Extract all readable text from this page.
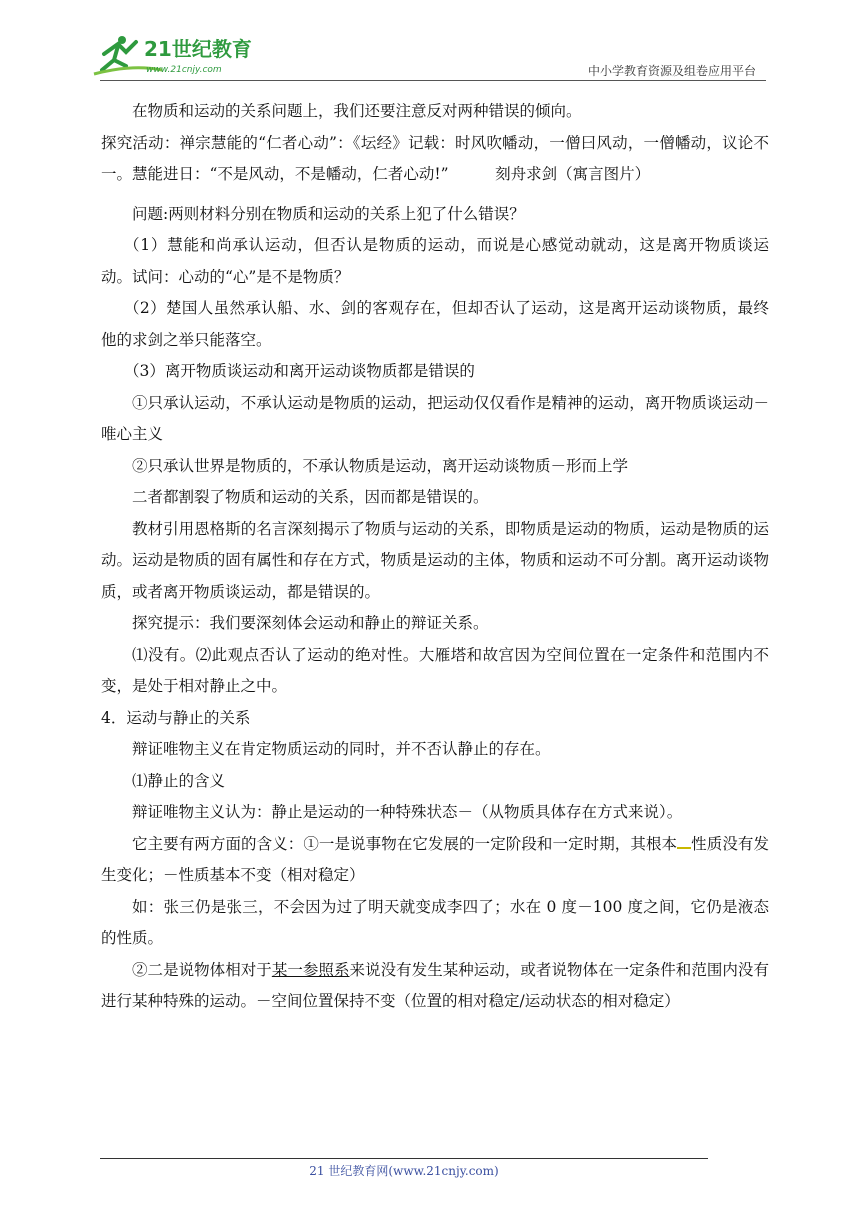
21世纪教育
www.21cnjy.com	中小学教育资源及组卷应用平台

在物质和运动的关系问题上，我们还要注意反对两种错误的倾向。

探究活动：禅宗慧能的“仁者心动”：《坛经》记载：时风吹幡动，一僧曰风动，一僧幡动，议论不一。慧能进日：“不是风动，不是幡动，仁者心动!”　　　刻舟求剑（寓言图片）

问题:两则材料分别在物质和运动的关系上犯了什么错误？

（1）慧能和尚承认运动，但否认是物质的运动，而说是心感觉动就动，这是离开物质谈运动。试问：心动的“心”是不是物质？

（2）楚国人虽然承认船、水、剑的客观存在，但却否认了运动，这是离开运动谈物质，最终他的求剑之举只能落空。

（3）离开物质谈运动和离开运动谈物质都是错误的

①只承认运动，不承认运动是物质的运动，把运动仅仅看作是精神的运动，离开物质谈运动－唯心主义

②只承认世界是物质的，不承认物质是运动，离开运动谈物质－形而上学

二者都割裂了物质和运动的关系，因而都是错误的。

教材引用恩格斯的名言深刻揭示了物质与运动的关系，即物质是运动的物质，运动是物质的运动。运动是物质的固有属性和存在方式，物质是运动的主体，物质和运动不可分割。离开运动谈物质，或者离开物质谈运动，都是错误的。

探究提示：我们要深刻体会运动和静止的辩证关系。

⑴没有。⑵此观点否认了运动的绝对性。大雁塔和故宫因为空间位置在一定条件和范围内不变，是处于相对静止之中。

4．运动与静止的关系

辩证唯物主义在肯定物质运动的同时，并不否认静止的存在。

⑴静止的含义

辩证唯物主义认为：静止是运动的一种特殊状态－（从物质具体存在方式来说）。

它主要有两方面的含义：①一是说事物在它发展的一定阶段和一定时期，其根本 性质没有发生变化；－性质基本不变（相对稳定）

如：张三仍是张三，不会因为过了明天就变成李四了；水在 0 度－100 度之间，它仍是液态的性质。

②二是说物体相对于某一参照系来说没有发生某种运动，或者说物体在一定条件和范围内没有进行某种特殊的运动。－空间位置保持不变（位置的相对稳定/运动状态的相对稳定）

21 世纪教育网(www.21cnjy.com)
